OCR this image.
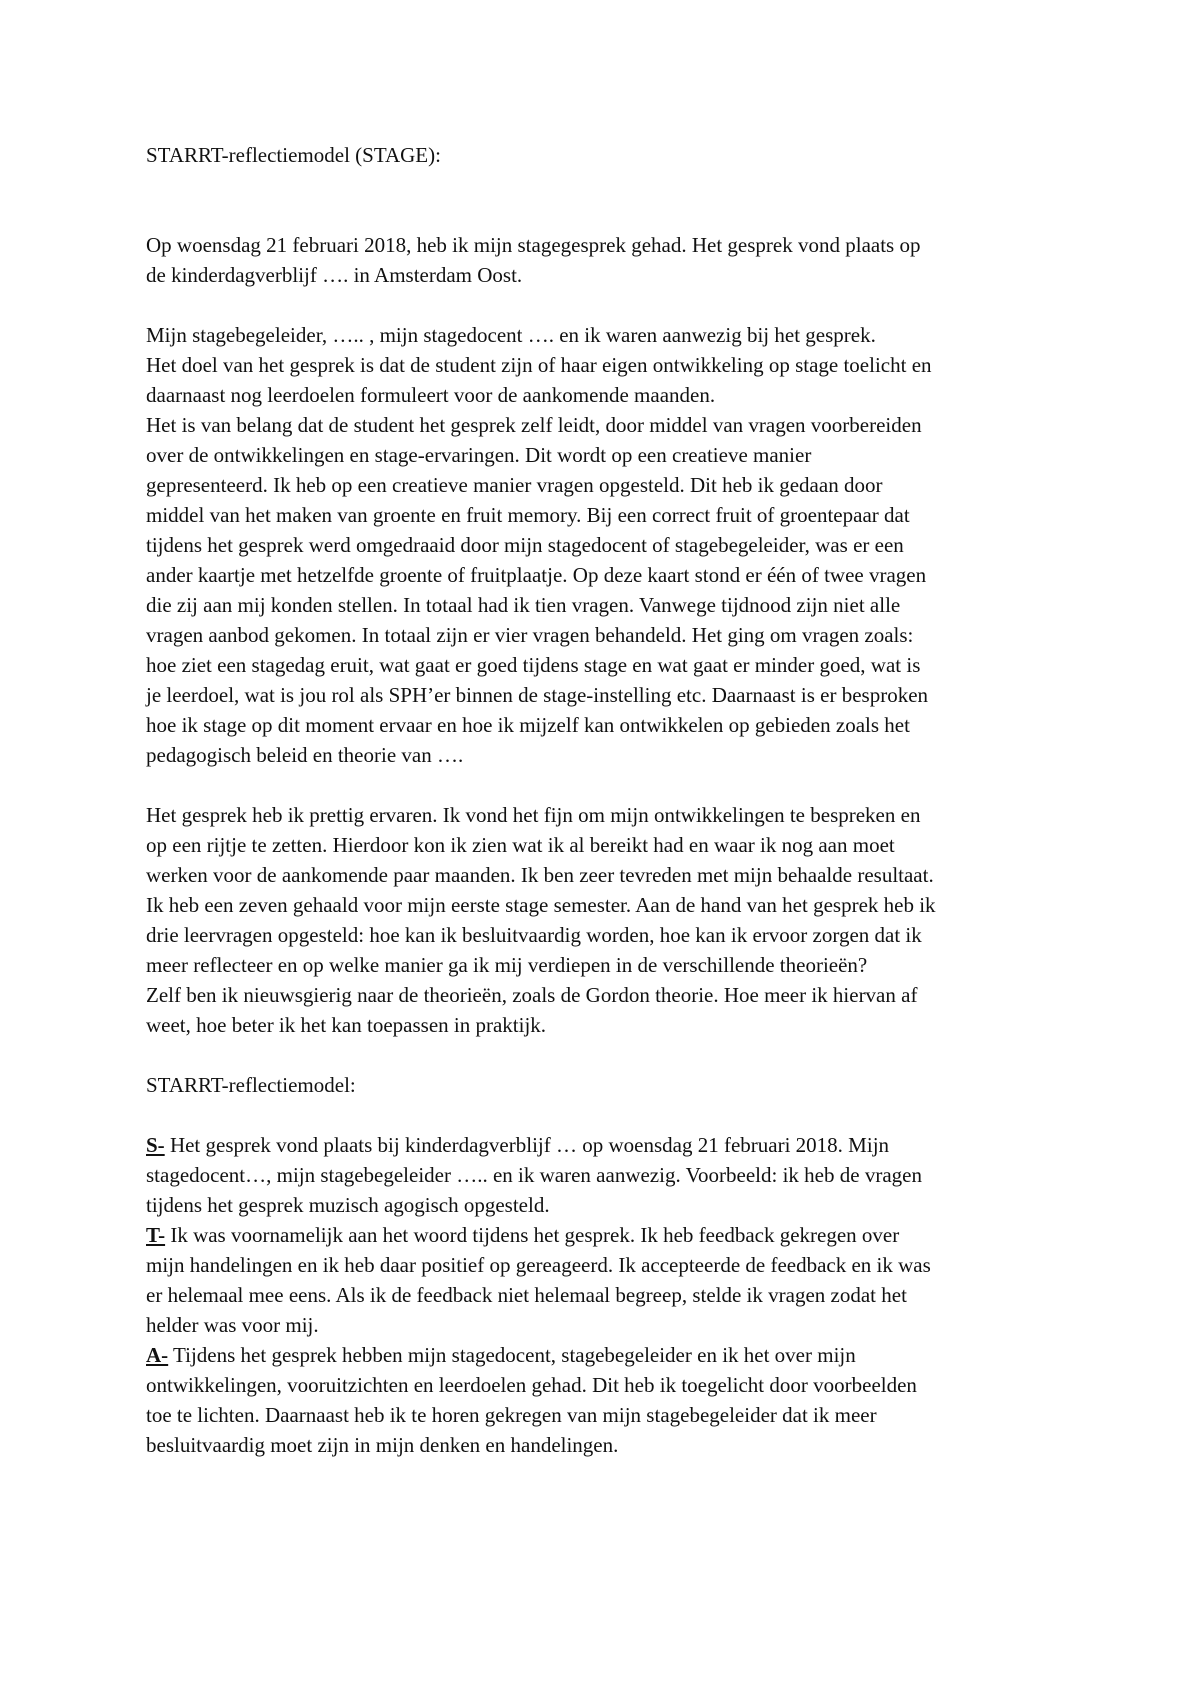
STARRT-reflectiemodel (STAGE):
Op woensdag 21 februari 2018, heb ik mijn stagegesprek gehad. Het gesprek vond plaats op
de kinderdagverblijf …. in Amsterdam Oost.
Mijn stagebegeleider, ….. , mijn stagedocent …. en ik waren aanwezig bij het gesprek.
Het doel van het gesprek is dat de student zijn of haar eigen ontwikkeling op stage toelicht en
daarnaast nog leerdoelen formuleert voor de aankomende maanden.
Het is van belang dat de student het gesprek zelf leidt, door middel van vragen voorbereiden
over de ontwikkelingen en stage-ervaringen. Dit wordt op een creatieve manier
gepresenteerd. Ik heb op een creatieve manier vragen opgesteld. Dit heb ik gedaan door
middel van het maken van groente en fruit memory. Bij een correct fruit of groentepaar dat
tijdens het gesprek werd omgedraaid door mijn stagedocent of stagebegeleider, was er een
ander kaartje met hetzelfde groente of fruitplaatje. Op deze kaart stond er één of twee vragen
die zij aan mij konden stellen. In totaal had ik tien vragen. Vanwege tijdnood zijn niet alle
vragen aanbod gekomen. In totaal zijn er vier vragen behandeld. Het ging om vragen zoals:
hoe ziet een stagedag eruit, wat gaat er goed tijdens stage en wat gaat er minder goed, wat is
je leerdoel, wat is jou rol als SPH’er binnen de stage-instelling etc. Daarnaast is er besproken
hoe ik stage op dit moment ervaar en hoe ik mijzelf kan ontwikkelen op gebieden zoals het
pedagogisch beleid en theorie van ….
Het gesprek heb ik prettig ervaren. Ik vond het fijn om mijn ontwikkelingen te bespreken en
op een rijtje te zetten. Hierdoor kon ik zien wat ik al bereikt had en waar ik nog aan moet
werken voor de aankomende paar maanden. Ik ben zeer tevreden met mijn behaalde resultaat.
Ik heb een zeven gehaald voor mijn eerste stage semester. Aan de hand van het gesprek heb ik
drie leervragen opgesteld: hoe kan ik besluitvaardig worden, hoe kan ik ervoor zorgen dat ik
meer reflecteer en op welke manier ga ik mij verdiepen in de verschillende theorieën?
Zelf ben ik nieuwsgierig naar de theorieën, zoals de Gordon theorie. Hoe meer ik hiervan af
weet, hoe beter ik het kan toepassen in praktijk.
STARRT-reflectiemodel:
S- Het gesprek vond plaats bij kinderdagverblijf … op woensdag 21 februari 2018. Mijn
stagedocent…, mijn stagebegeleider ….. en ik waren aanwezig. Voorbeeld: ik heb de vragen
tijdens het gesprek muzisch agogisch opgesteld.
T- Ik was voornamelijk aan het woord tijdens het gesprek. Ik heb feedback gekregen over
mijn handelingen en ik heb daar positief op gereageerd. Ik accepteerde de feedback en ik was
er helemaal mee eens. Als ik de feedback niet helemaal begreep, stelde ik vragen zodat het
helder was voor mij.
A- Tijdens het gesprek hebben mijn stagedocent, stagebegeleider en ik het over mijn
ontwikkelingen, vooruitzichten en leerdoelen gehad. Dit heb ik toegelicht door voorbeelden
toe te lichten. Daarnaast heb ik te horen gekregen van mijn stagebegeleider dat ik meer
besluitvaardig moet zijn in mijn denken en handelingen.
